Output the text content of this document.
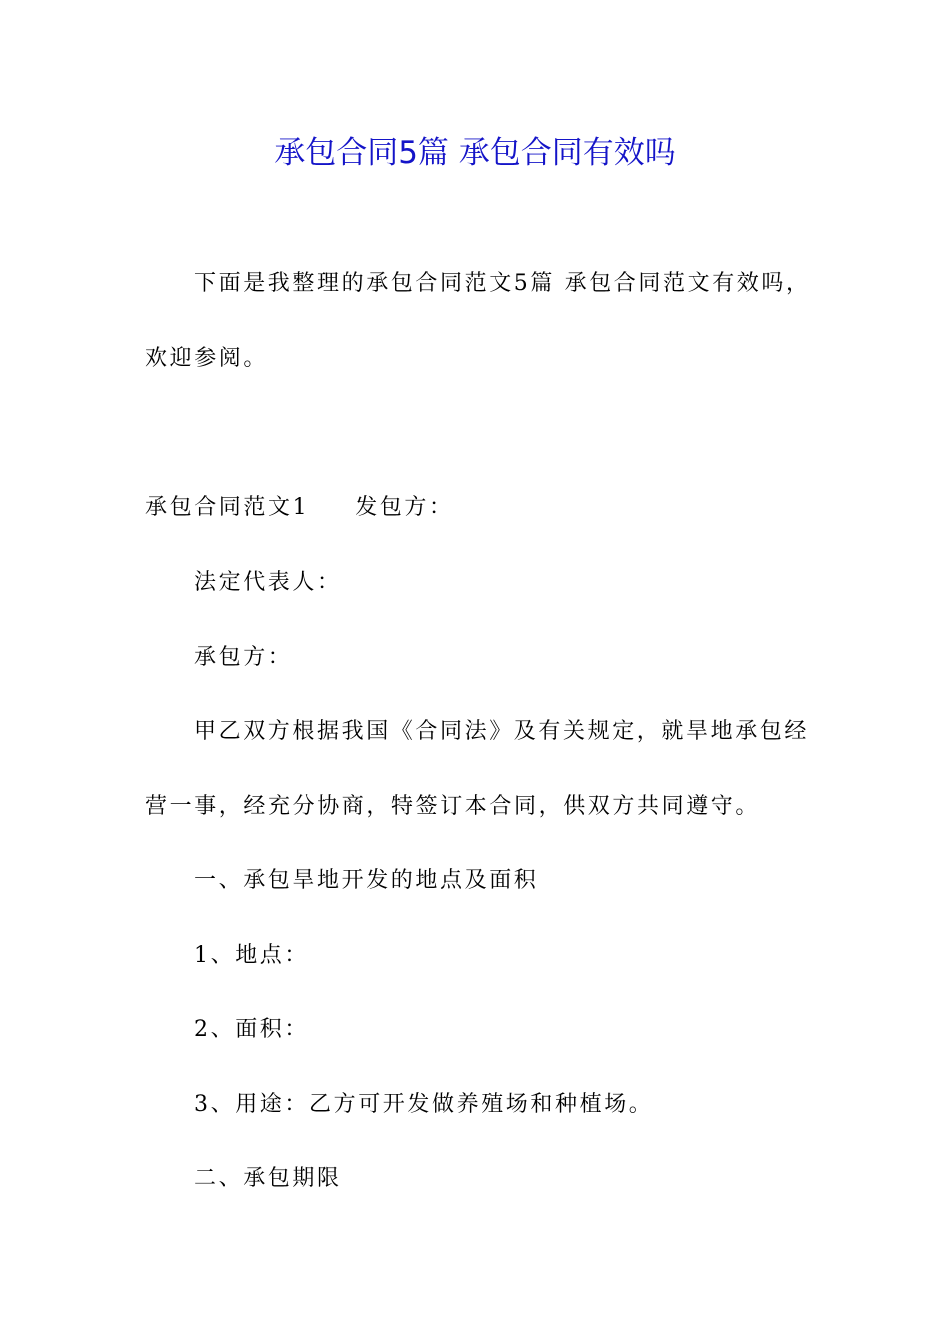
承包合同5篇 承包合同有效吗
下面是我整理的承包合同范文5篇 承包合同范文有效吗，
欢迎参阅。
承包合同范文1 发包方：
法定代表人：
承包方：
甲乙双方根据我国《合同法》及有关规定，就旱地承包经
营一事，经充分协商，特签订本合同，供双方共同遵守。
一、承包旱地开发的地点及面积
1、地点：
2、面积：
3、用途：乙方可开发做养殖场和种植场。
二、承包期限
